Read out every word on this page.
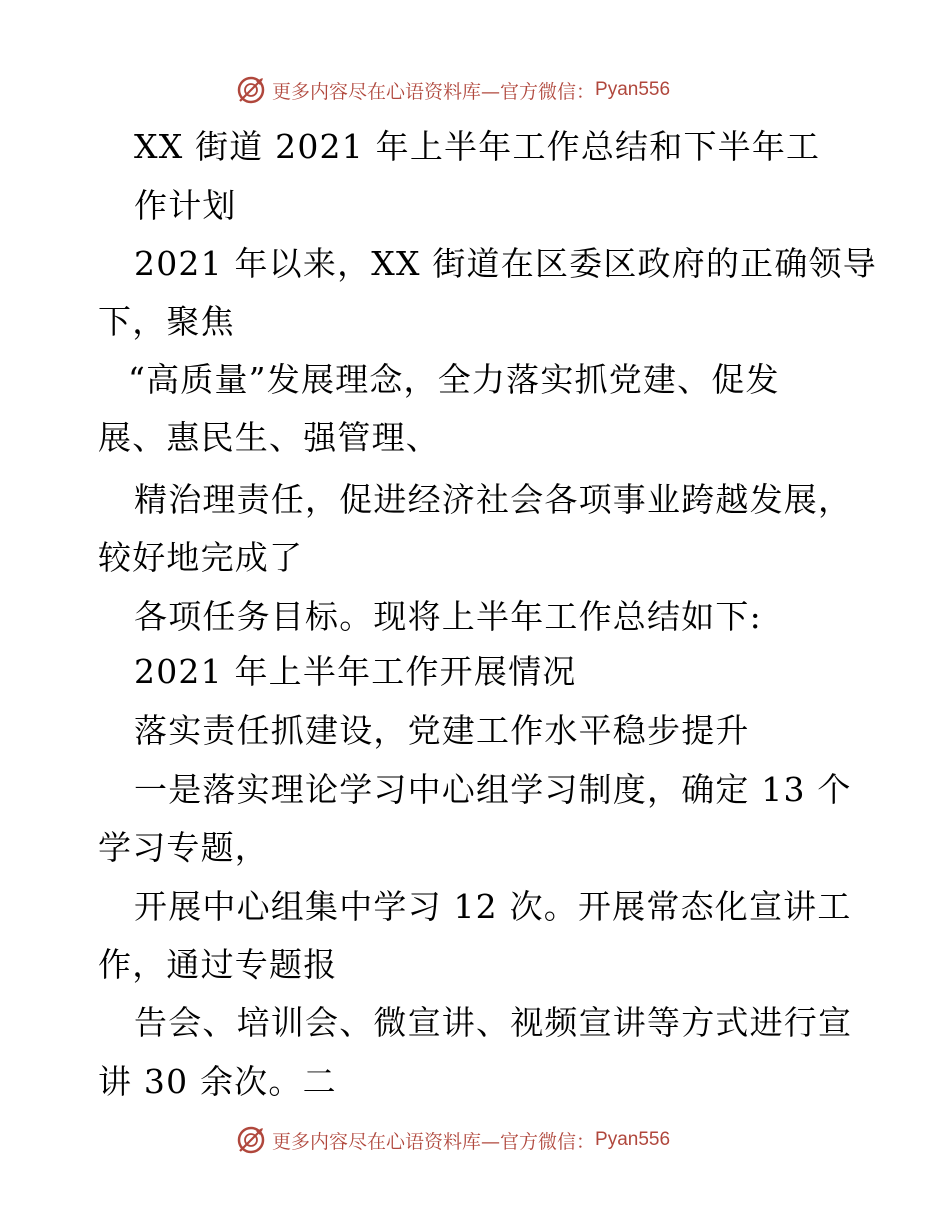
更多内容尽在心语资料库—官方微信： Pyan556
XX 街道 2021 年上半年工作总结和下半年工
作计划
2021 年以来，XX 街道在区委区政府的正确领导
下，聚焦
“高质量”发展理念，全力落实抓党建、促发
展、惠民生、强管理、
精治理责任，促进经济社会各项事业跨越发展，
较好地完成了
各项任务目标。现将上半年工作总结如下:
2021 年上半年工作开展情况
落实责任抓建设，党建工作水平稳步提升
一是落实理论学习中心组学习制度，确定 13 个
学习专题，
开展中心组集中学习 12 次。开展常态化宣讲工
作，通过专题报
告会、培训会、微宣讲、视频宣讲等方式进行宣
讲 30 余次。二
更多内容尽在心语资料库—官方微信： Pyan556
